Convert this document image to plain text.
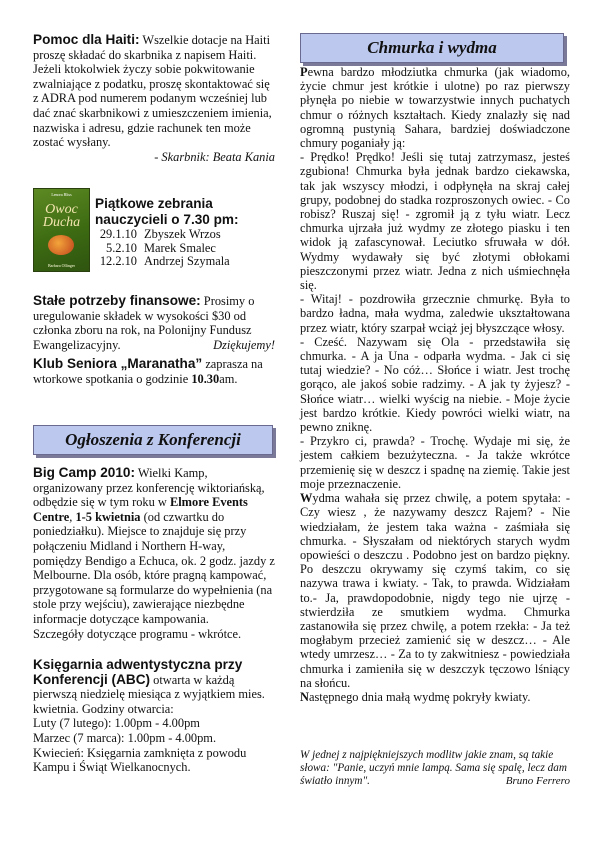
Pomoc dla Haiti: Wszelkie dotacje na Haiti proszę składać do skarbnika z napisem Haiti. Jeżeli ktokolwiek życzy sobie pokwitowanie zwalniające z podatku, proszę skontaktować się z ADRA pod numerem podanym wcześniej lub dać znać skarbnikowi z umieszczeniem imienia, nazwiska i adresu, gdzie rachunek ten może zostać wysłany.
- Skarbnik: Beata Kania

Lenora Bliss
Owoc Ducha
Barbara Ollinger
Piątkowe zebrania nauczycieli o 7.30 pm:
29.1.10 Zbyszek Wrzos
5.2.10 Marek Smalec
12.2.10 Andrzej Szymala

Stałe potrzeby finansowe: Prosimy o uregulowanie składek w wysokości $30 od członka zboru na rok, na Polonijny Fundusz Ewangelizacyjny.	Dziękujemy!

Klub Seniora „Maranatha” zaprasza na wtorkowe spotkania o godzinie 10.30am.

Ogłoszenia z Konferencji

Big Camp 2010: Wielki Kamp, organizowany przez konferencję wiktoriańską, odbędzie się w tym roku w Elmore Events Centre, 1-5 kwietnia (od czwartku do poniedziałku). Miejsce to znajduje się przy połączeniu Midland i Northern H-way, pomiędzy Bendigo a Echuca, ok. 2 godz. jazdy z Melbourne. Dla osób, które pragną kampować, przygotowane są formularze do wypełnienia (na stole przy wejściu), zawierające niezbędne informacje dotyczące kampowania.
Szczegóły dotyczące programu - wkrótce.

Księgarnia adwentystyczna przy Konferencji (ABC) otwarta w każdą pierwszą niedzielę miesiąca z wyjątkiem mies. kwietnia. Godziny otwarcia:
Luty (7 lutego): 1.00pm - 4.00pm
Marzec (7 marca): 1.00pm - 4.00pm.
Kwiecień: Księgarnia zamknięta z powodu Kampu i Świąt Wielkanocnych.

Chmurka i wydma

Pewna bardzo młodziutka chmurka (jak wiadomo, życie chmur jest krótkie i ulotne) po raz pierwszy płynęła po niebie w towarzystwie innych puchatych chmur o różnych kształtach. Kiedy znalazły się nad ogromną pustynią Sahara, bardziej doświadczone chmury poganiały ją:

- Prędko! Prędko! Jeśli się tutaj zatrzymasz, jesteś zgubiona! Chmurka była jednak bardzo ciekawska, tak jak wszyscy młodzi, i odpłynęła na skraj całej grupy, podobnej do stadka rozproszonych owiec. - Co robisz? Ruszaj się! - zgromił ją z tyłu wiatr. Lecz chmurka ujrzała już wydmy ze złotego piasku i ten widok ją zafascynował. Leciutko sfruwała w dół. Wydmy wydawały się być złotymi obłokami pieszczonymi przez wiatr. Jedna z nich uśmiechnęła się.

- Witaj! - pozdrowiła grzecznie chmurkę. Była to bardzo ładna, mała wydma, zaledwie ukształtowana przez wiatr, który szarpał wciąż jej błyszczące włosy.

- Cześć. Nazywam się Ola - przedstawiła się chmurka. - A ja Una - odparła wydma. - Jak ci się tutaj wiedzie? - No cóż… Słońce i wiatr. Jest trochę gorąco, ale jakoś sobie radzimy. - A jak ty żyjesz? - Słońce wiatr… wielki wyścig na niebie. - Moje życie jest bardzo krótkie. Kiedy powróci wielki wiatr, na pewno zniknę.

- Przykro ci, prawda? - Trochę. Wydaje mi się, że jestem całkiem bezużyteczna. - Ja także wkrótce przemienię się w deszcz i spadnę na ziemię. Takie jest moje przeznaczenie.

Wydma wahała się przez chwilę, a potem spytała: - Czy wiesz , że nazywamy deszcz Rajem? - Nie wiedziałam, że jestem taka ważna - zaśmiała się chmurka. - Słyszałam od niektórych starych wydm opowieści o deszczu . Podobno jest on bardzo piękny. Po deszczu okrywamy się czymś takim, co się nazywa trawa i kwiaty. - Tak, to prawda. Widziałam to.- Ja, prawdopodobnie, nigdy tego nie ujrzę - stwierdziła ze smutkiem wydma. Chmurka zastanowiła się przez chwilę, a potem rzekła: - Ja też mogłabym przecież zamienić się w deszcz… - Ale wtedy umrzesz… - Za to ty zakwitniesz - powiedziała chmurka i zamieniła się w deszczyk tęczowo lśniący na słońcu.

Następnego dnia małą wydmę pokryły kwiaty.

W jednej z najpiękniejszych modlitw jakie znam, są takie słowa: "Panie, uczyń mnie lampą. Sama się spalę, lecz dam światło innym".	Bruno Ferrero
